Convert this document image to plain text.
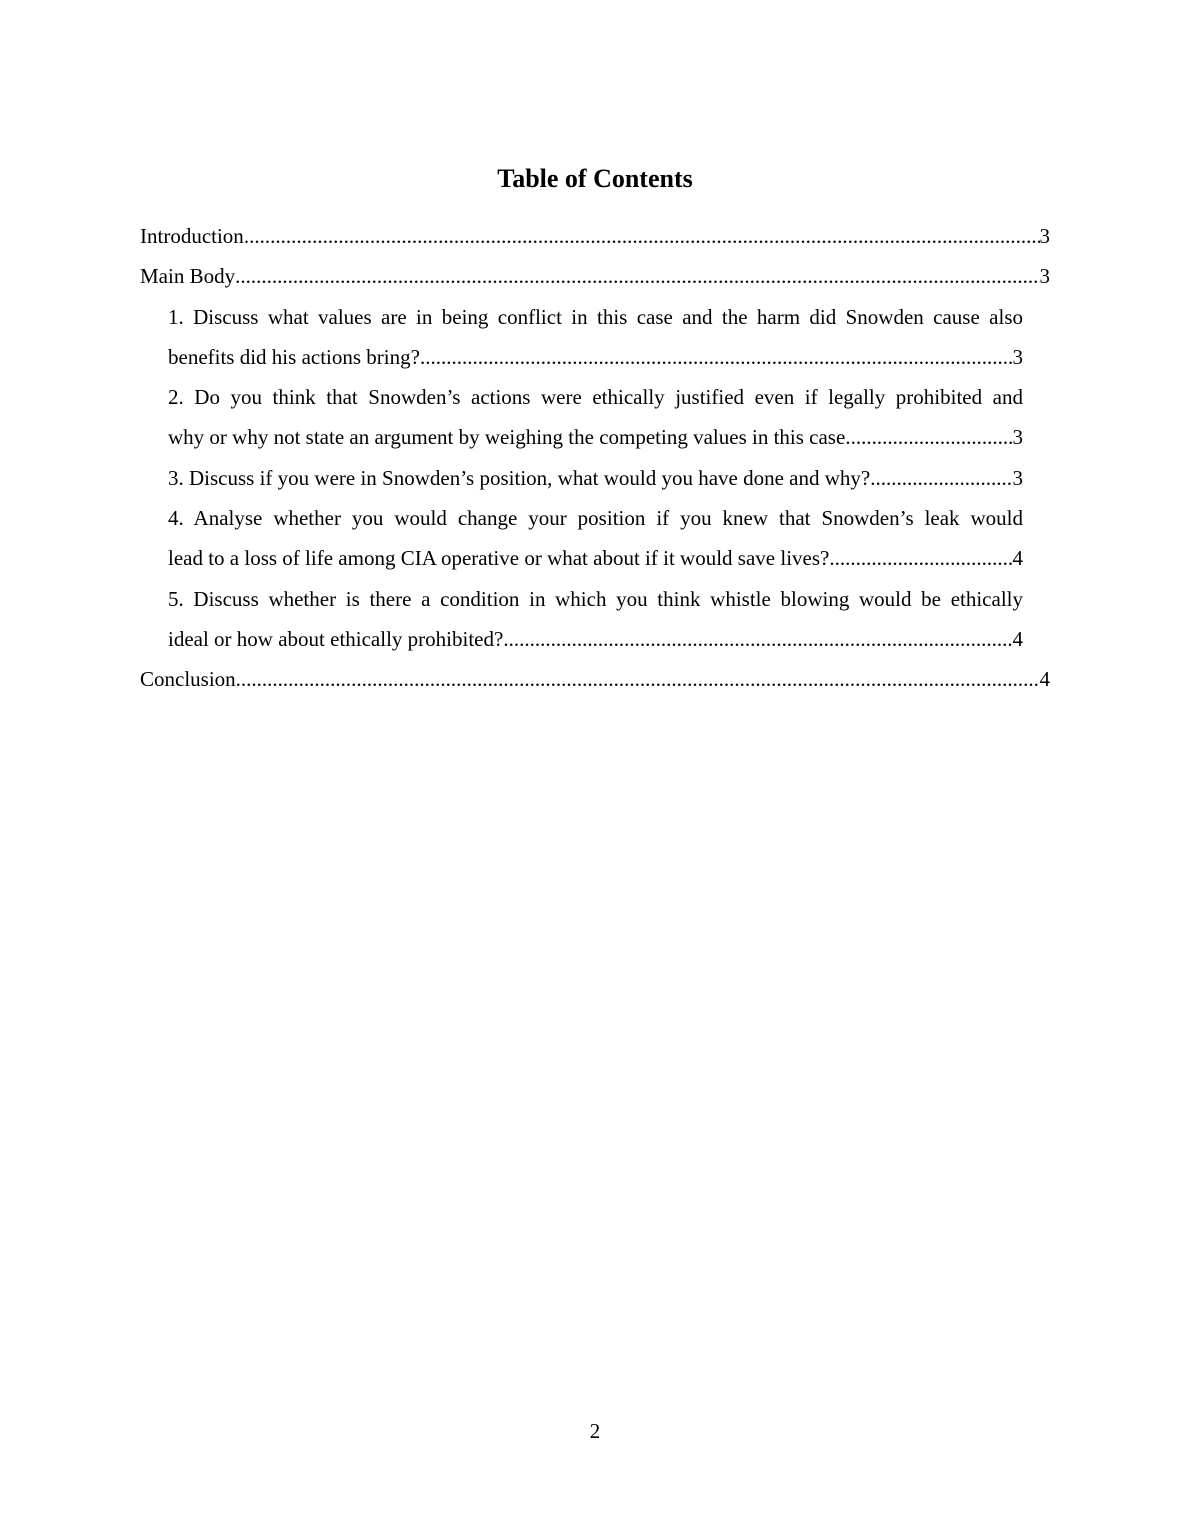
Table of Contents
Introduction .....	3
Main Body .....	3
1. Discuss what values are in being conflict in this case and the harm did Snowden cause also
benefits did his actions bring? .....	3
2. Do you think that Snowden’s actions were ethically justified even if legally prohibited and
why or why not state an argument by weighing the competing values in this case .....	3
3. Discuss if you were in Snowden’s position, what would you have done and why? .....	3
4. Analyse whether you would change your position if you knew that Snowden’s leak would
lead to a loss of life among CIA operative or what about if it would save lives? .....	4
5. Discuss whether is there a condition in which you think whistle blowing would be ethically
ideal or how about ethically prohibited? .....	4
Conclusion .....	4
2
